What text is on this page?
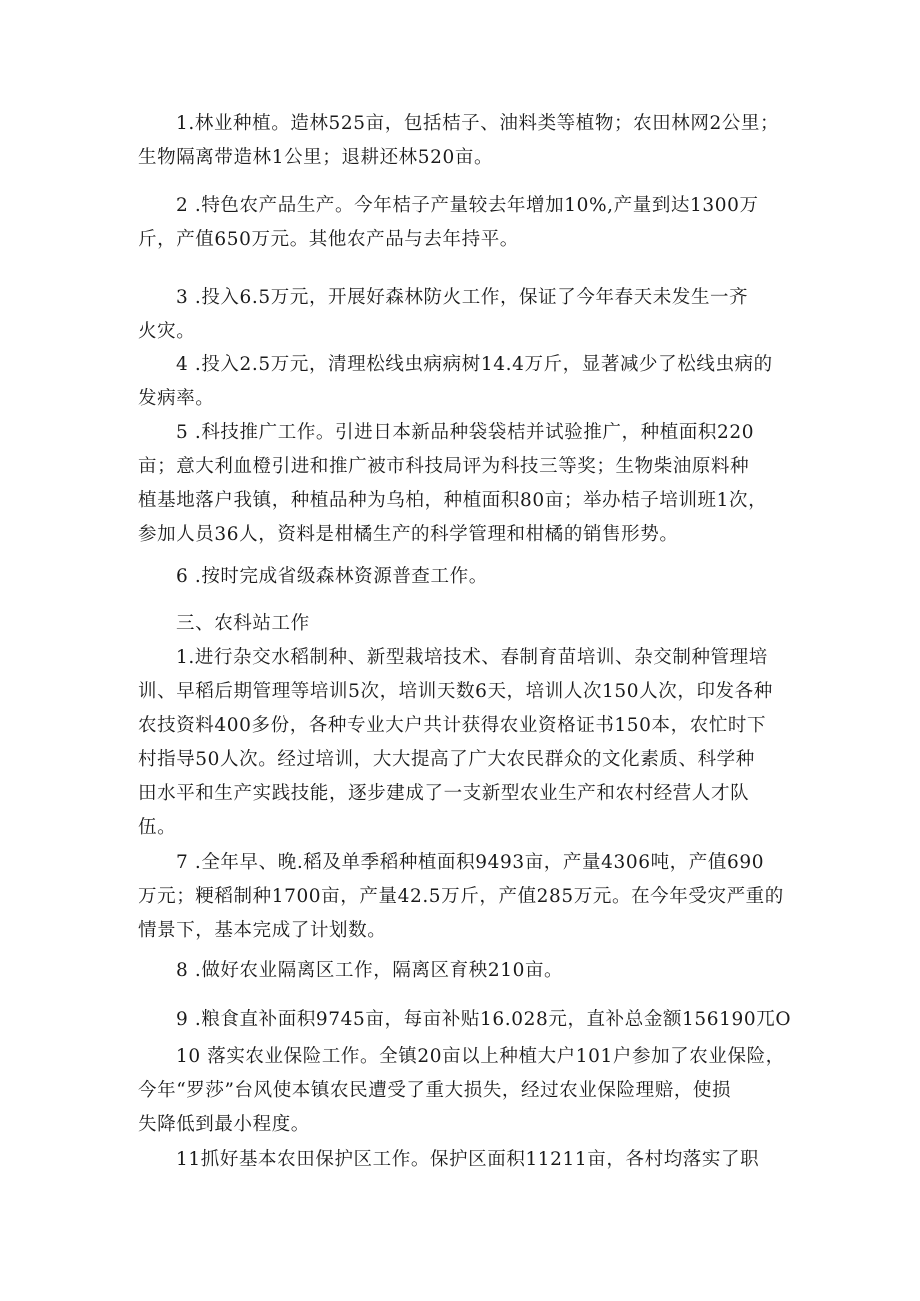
1.林业种植。造林525亩，包括桔子、油料类等植物；农田林网2公里；
生物隔离带造林1公里；退耕还林520亩。

2 .特色农产品生产。今年桔子产量较去年增加10%,产量到达1300万
斤，产值650万元。其他农产品与去年持平。

3 .投入6.5万元，开展好森林防火工作，保证了今年春天未发生一齐
火灾。

4 .投入2.5万元，清理松线虫病病树14.4万斤，显著减少了松线虫病的
发病率。

5 .科技推广工作。引进日本新品种袋袋桔并试验推广，种植面积220
亩；意大利血橙引进和推广被市科技局评为科技三等奖；生物柴油原料种
植基地落户我镇，种植品种为乌柏，种植面积80亩；举办桔子培训班1次，
参加人员36人，资料是柑橘生产的科学管理和柑橘的销售形势。

6 .按时完成省级森林资源普查工作。

三、农科站工作

1.进行杂交水稻制种、新型栽培技术、春制育苗培训、杂交制种管理培
训、早稻后期管理等培训5次，培训天数6天，培训人次150人次，印发各种
农技资料400多份，各种专业大户共计获得农业资格证书150本，农忙时下
村指导50人次。经过培训，大大提高了广大农民群众的文化素质、科学种
田水平和生产实践技能，逐步建成了一支新型农业生产和农村经营人才队
伍。

7 .全年早、晚.稻及单季稻种植面积9493亩，产量4306吨，产值690
万元；粳稻制种1700亩，产量42.5万斤，产值285万元。在今年受灾严重的
情景下，基本完成了计划数。

8 .做好农业隔离区工作，隔离区育秧210亩。

9 .粮食直补面积9745亩，每亩补贴16.028元，直补总金额156190兀O

10 落实农业保险工作。全镇20亩以上种植大户101户参加了农业保险，
今年“罗莎”台风使本镇农民遭受了重大损失，经过农业保险理赔，使损
失降低到最小程度。

11抓好基本农田保护区工作。保护区面积11211亩，各村均落实了职
